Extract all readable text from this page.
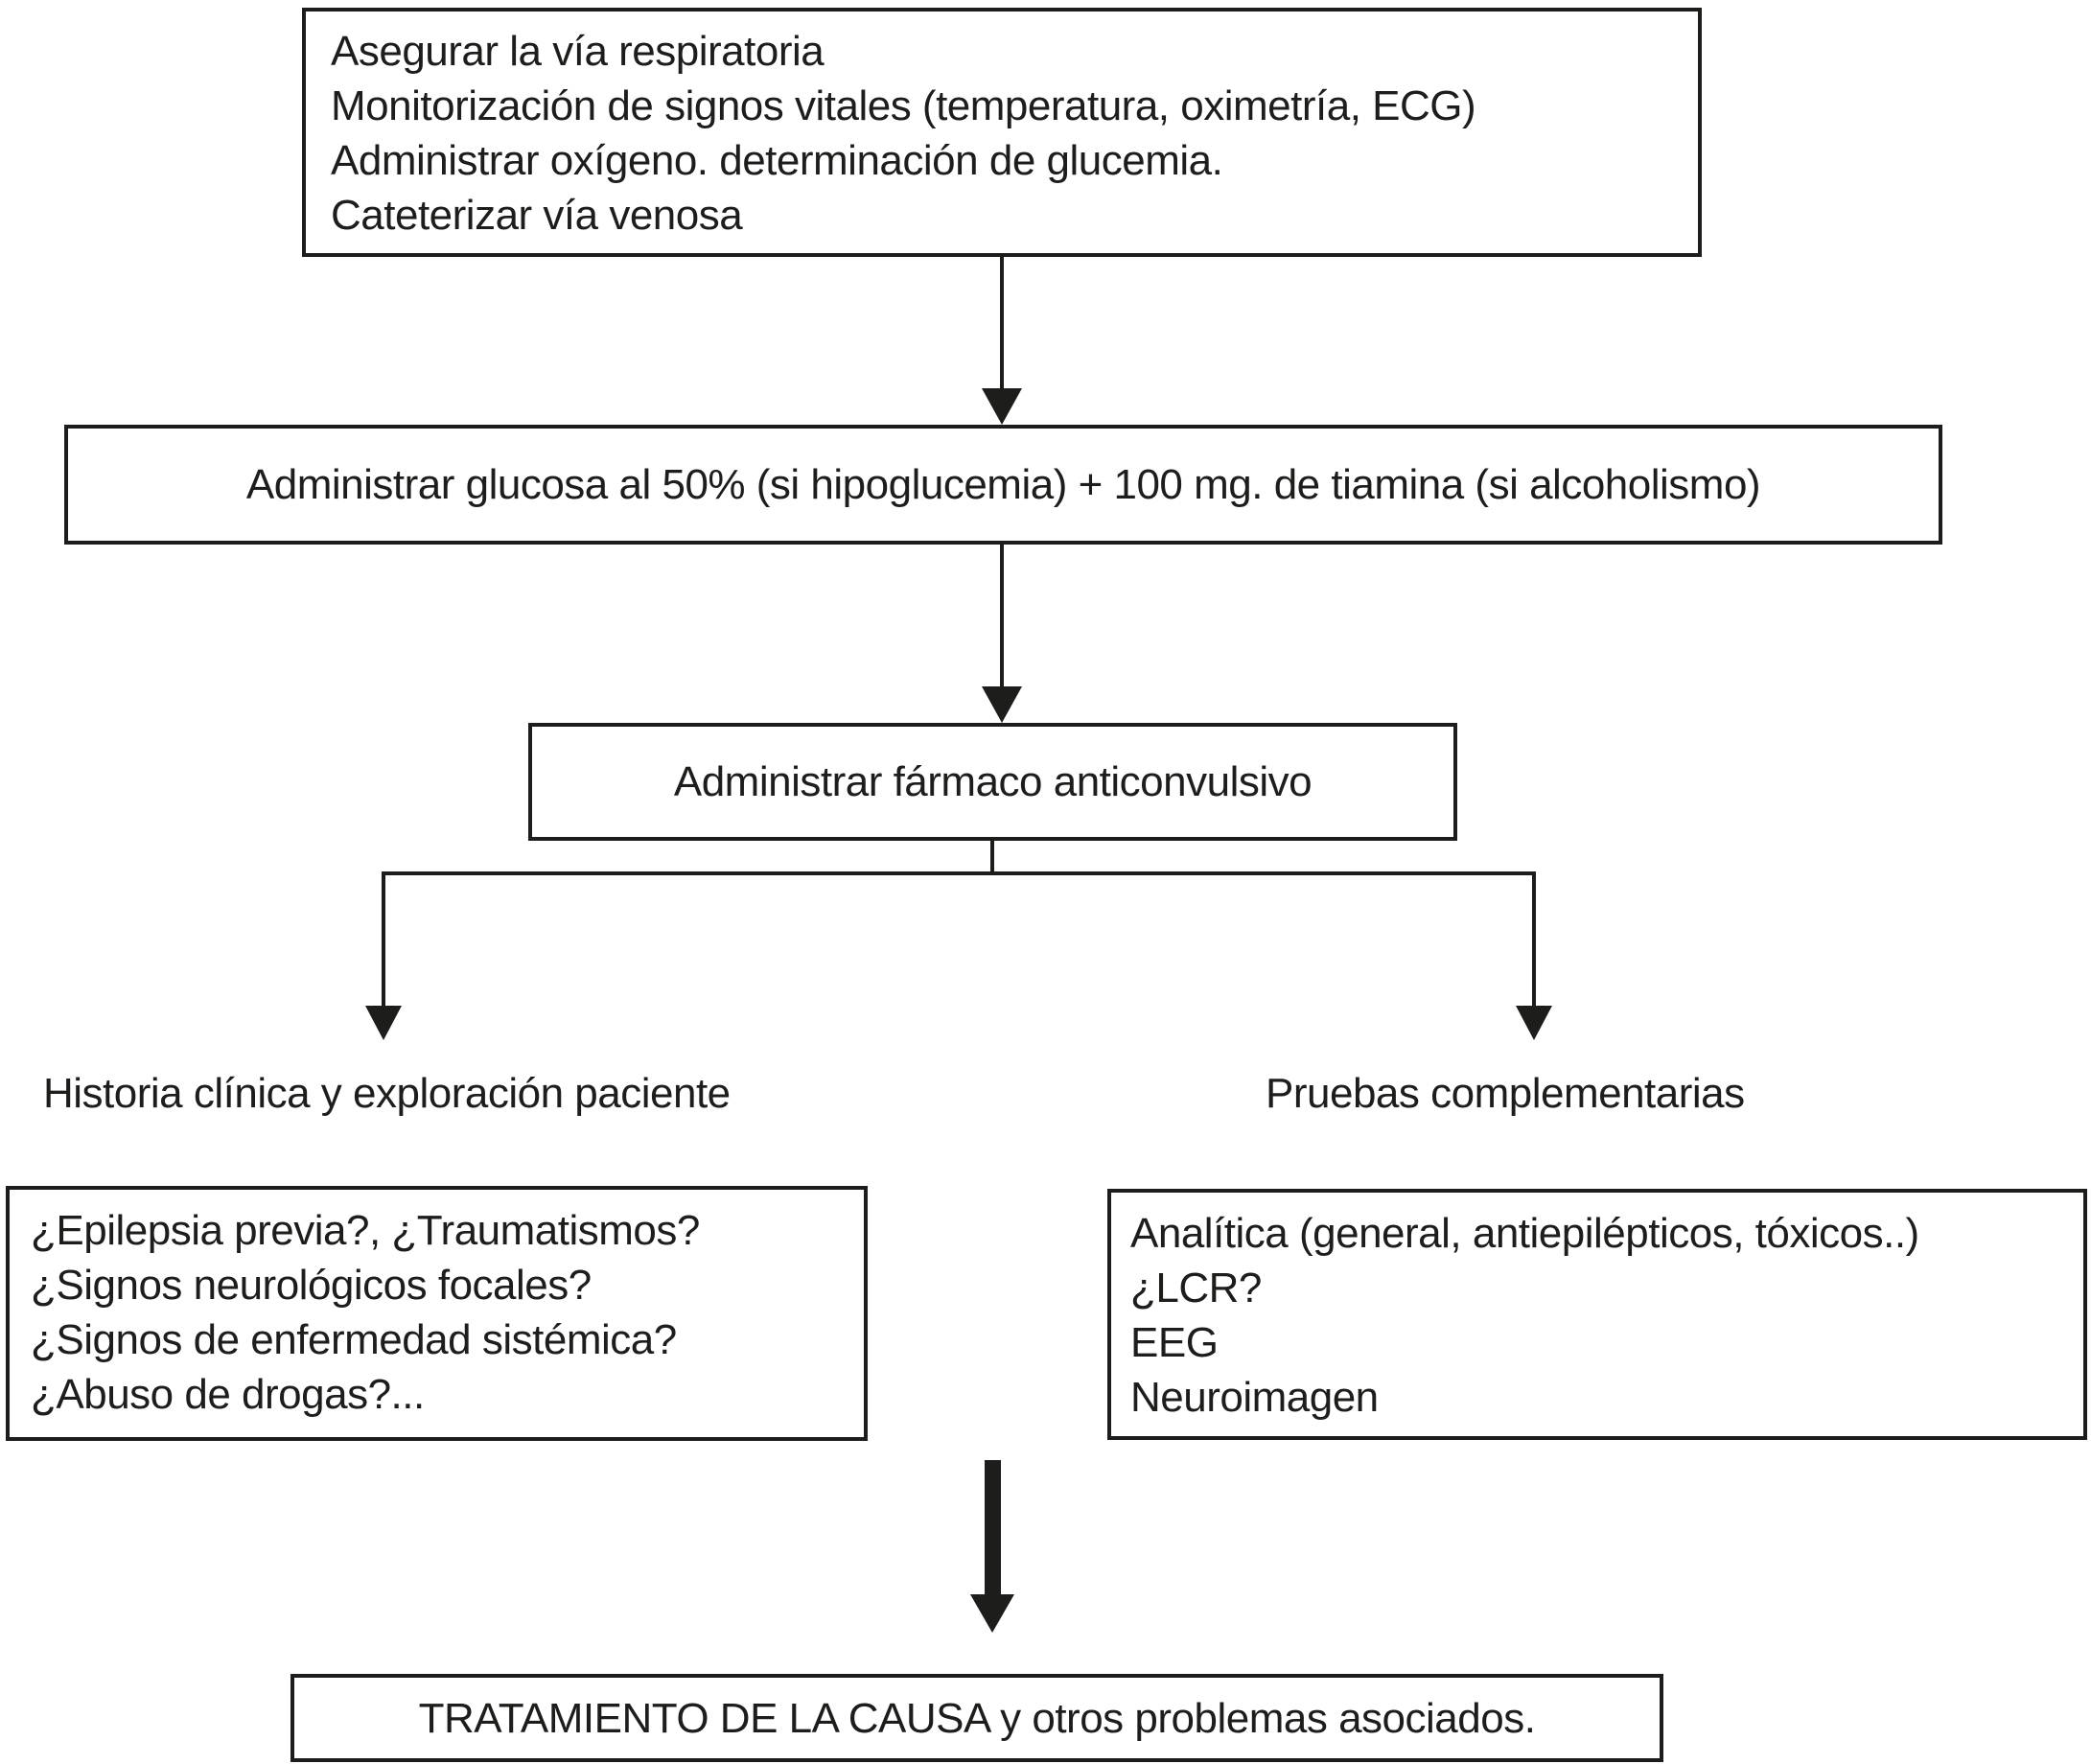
Asegurar la vía respiratoria
Monitorización de signos vitales (temperatura, oximetría, ECG)
Administrar oxígeno. determinación de glucemia.
Cateterizar vía venosa
Administrar glucosa al 50% (si hipoglucemia) + 100 mg. de tiamina (si alcoholismo)
Administrar fármaco anticonvulsivo
Historia clínica y exploración paciente	Pruebas complementarias
¿Epilepsia previa?, ¿Traumatismos?
¿Signos neurológicos focales?
¿Signos de enfermedad sistémica?
¿Abuso de drogas?...
Analítica (general, antiepilépticos, tóxicos..)
¿LCR?
EEG
Neuroimagen
TRATAMIENTO DE LA CAUSA y otros problemas asociados.
